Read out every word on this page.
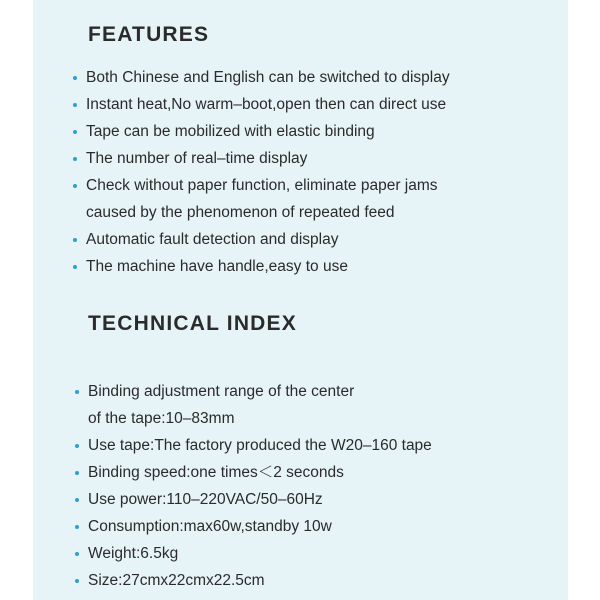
FEATURES
Both Chinese and English can be switched to display
Instant heat,No warm–boot,open then can direct use
Tape can be mobilized with elastic binding
The number of real–time display
Check without paper function, eliminate paper jams
caused by the phenomenon of repeated feed
Automatic fault detection and display
The machine have handle,easy to use
TECHNICAL INDEX
Binding adjustment range of the center
of the tape:10–83mm
Use tape:The factory produced the W20–160 tape
Binding speed:one times＜2 seconds
Use power:110–220VAC/50–60Hz
Consumption:max60w,standby 10w
Weight:6.5kg
Size:27cmx22cmx22.5cm
